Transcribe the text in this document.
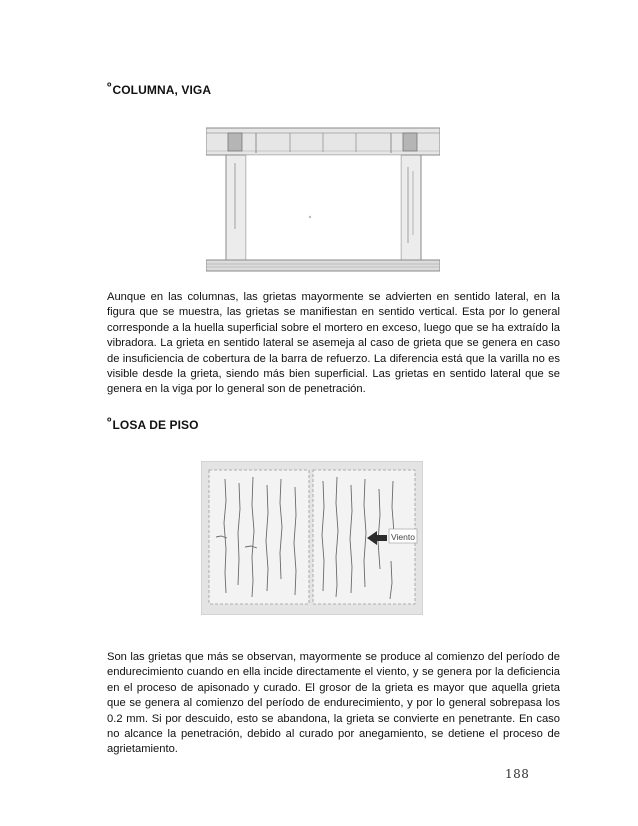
ºCOLUMNA, VIGA

Aunque en las columnas, las grietas mayormente se advierten en sentido lateral, en la figura que se muestra, las grietas se manifiestan en sentido vertical. Esta por lo general corresponde a la huella superficial sobre el mortero en exceso, luego que se ha extraído la vibradora. La grieta en sentido lateral se asemeja al caso de grieta que se genera en caso de insuficiencia de cobertura de la barra de refuerzo. La diferencia está que la varilla no es visible desde la grieta, siendo más bien superficial. Las grietas en sentido lateral que se genera en la viga por lo general son de penetración.

ºLOSA DE PISO
Viento

Son las grietas que más se observan, mayormente se produce al comienzo del período de endurecimiento cuando en ella incide directamente el viento, y se genera por la deficiencia en el proceso de apisonado y curado. El grosor de la grieta es mayor que aquella grieta que se genera al comienzo del período de endurecimiento, y por lo general sobrepasa los 0.2 mm. Si por descuido, esto se abandona, la grieta se convierte en penetrante. En caso no alcance la penetración, debido al curado por anegamiento, se detiene el proceso de agrietamiento.

188
